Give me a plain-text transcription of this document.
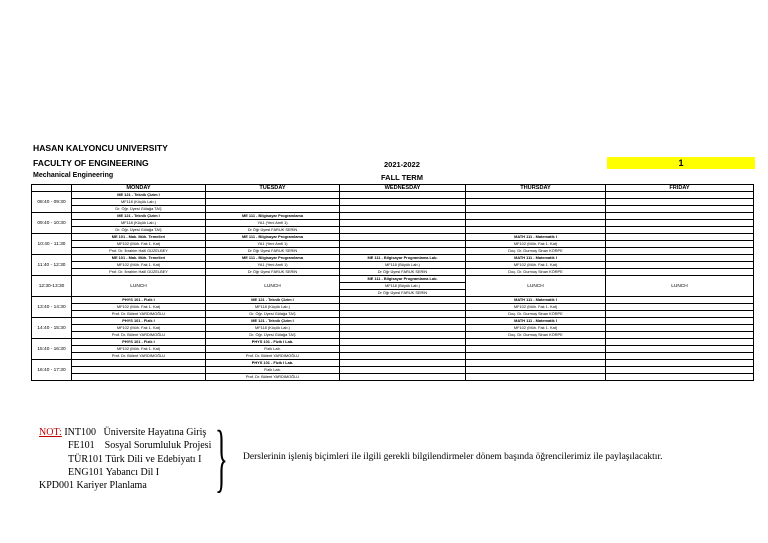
HASAN KALYONCU UNIVERSITY
FACULTY OF ENGINEERING
Mechanical Engineering
2021-2022
FALL TERM
1
	MONDAY	TUESDAY	WEDNESDAY	THURSDAY	FRIDAY
08:40 - 09:30	ME 121 - Teknik Çizim I				
	MF118 (Küçük Lab.)				
	Dr. Öğr. Üyesi Gülağa TAŞ				
09:40 - 10:30	ME 121 - Teknik Çizim I	ME 111 - Bilgisayar Programlama			
	MF118 (Küçük Lab.)	YA1 (Yeni Amfi 1)			
	Dr. Öğr. Üyesi Gülağa TAŞ	Dr Öğr Üyesi FARUK SERİN			
10:40 - 11:30	ME 101 - Mak. Müh. Temelleri	ME 111 - Bilgisayar Programlama		MATH 111 - Matematik I	
	MF102 (Müh. Fak 1. Kat)	YA1 (Yeni Amfi 1)		MF102 (Müh. Fak 1. Kat)	
	Prof. Dr. İbrahim Halil GÜZELBEY	Dr Öğr Üyesi FARUK SERİN		Doç. Dr. Durmuş Sinan KÖRPE	
11:40 - 12:30	ME 101 - Mak. Müh. Temelleri	ME 111 - Bilgisayar Programlama	ME 111 - Bilgisayar Programlama Lab.	MATH 111 - Matematik I	
	MF102 (Müh. Fak 1. Kat)	YA1 (Yeni Amfi 1)	MF118 (Büyük Lab.)	MF102 (Müh. Fak 1. Kat)	
	Prof. Dr. İbrahim Halil GÜZELBEY	Dr Öğr Üyesi FARUK SERİN	Dr Öğr Üyesi FARUK SERİN	Doç. Dr. Durmuş Sinan KÖRPE	
12:30-13:30	LUNCH	LUNCH	ME 111 - Bilgisayar Programlama Lab.	LUNCH	LUNCH
			MF118 (Büyük Lab.)		
			Dr Öğr Üyesi FARUK SERİN		
13:40 - 14:30	PHYS 101 - Fizik I	ME 121 - Teknik Çizim I		MATH 111 - Matematik I	
	MF102 (Müh. Fak 1. Kat)	MF118 (Küçük Lab.)		MF102 (Müh. Fak 1. Kat)	
	Prof. Dr. Bülent YARDIMOĞLU	Dr. Öğr. Üyesi Gülağa TAŞ		Doç. Dr. Durmuş Sinan KÖRPE	
14:40 - 15:30	PHYS 101 - Fizik I	ME 121 - Teknik Çizim I		MATH 111 - Matematik I	
	MF102 (Müh. Fak 1. Kat)	MF118 (Küçük Lab.)		MF102 (Müh. Fak 1. Kat)	
	Prof. Dr. Bülent YARDIMOĞLU	Dr. Öğr. Üyesi Gülağa TAŞ		Doç. Dr. Durmuş Sinan KÖRPE	
15:40 - 16:30	PHYS 101 - Fizik I	PHYS 101 - Fizik I Lab.			
	MF102 (Müh. Fak 1. Kat)	Fizik Lab.			
	Prof. Dr. Bülent YARDIMOĞLU	Prof. Dr. Bülent YARDIMOĞLU			
16:40 - 17:30		PHYS 101 - Fizik I Lab.			
		Fizik Lab.			
		Prof. Dr. Bülent YARDIMOĞLU			
NOT: INT100 Üniversite Hayatına Giriş
FE101 Sosyal Sorumluluk Projesi
TÜR101 Türk Dili ve Edebiyatı I
ENG101 Yabancı Dil I
KPD001 Kariyer Planlama } Derslerinin işleniş biçimleri ile ilgili gerekli bilgilendirmeler dönem başında öğrencilerimiz ile paylaşılacaktır.
